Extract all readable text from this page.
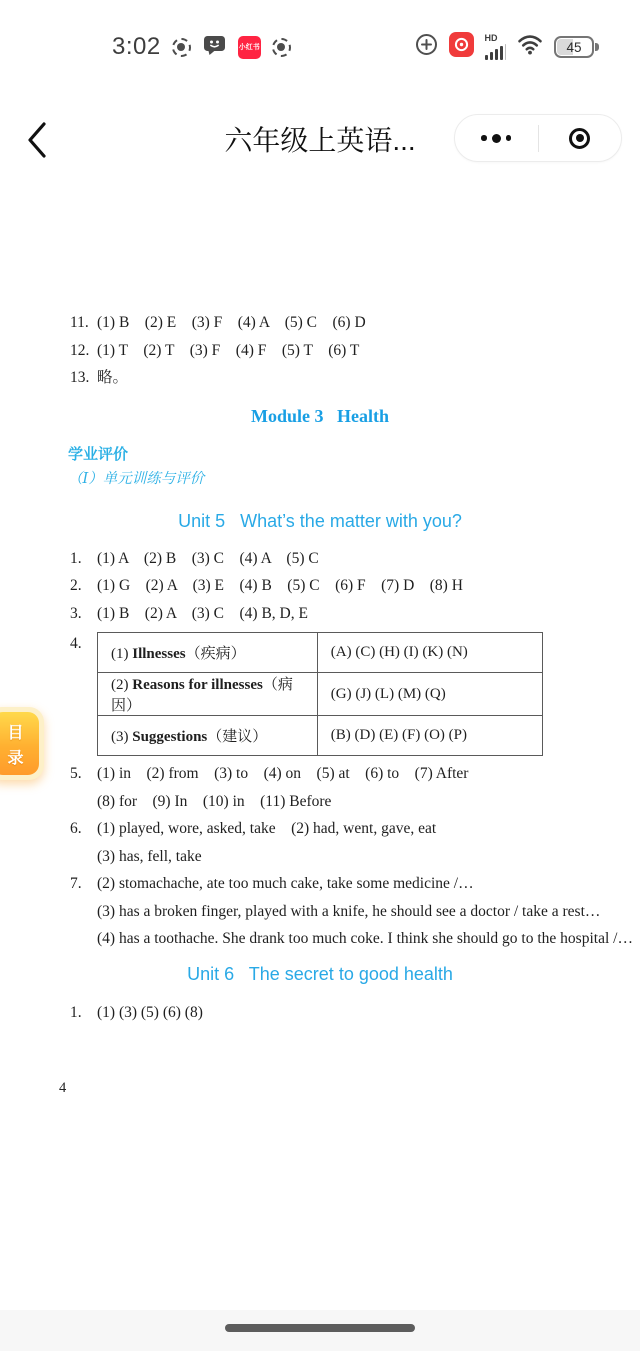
3:02	小红书
HD
45
六年级上英语...
11. (1) B    (2) E    (3) F    (4) A    (5) C    (6) D
12. (1) T    (2) T    (3) F    (4) F    (5) T    (6) T
13. 略。
Module 3   Health
学业评价
（Ⅰ）单元训练与评价
Unit 5   What’s the matter with you?
1. (1) A    (2) B    (3) C    (4) A    (5) C
2. (1) G    (2) A    (3) E    (4) B    (5) C    (6) F    (7) D    (8) H
3. (1) B    (2) A    (3) C    (4) B, D, E
4.
(1) Illnesses（疾病）	(A) (C) (H) (I) (K) (N)
(2) Reasons for illnesses（病因）	(G) (J) (L) (M) (Q)
(3) Suggestions（建议）	(B) (D) (E) (F) (O) (P)
5. (1) in    (2) from    (3) to    (4) on    (5) at    (6) to    (7) After
(8) for    (9) In    (10) in    (11) Before
6. (1) played, wore, asked, take    (2) had, went, gave, eat
(3) has, fell, take
7. (2) stomachache, ate too much cake, take some medicine /…
(3) has a broken finger, played with a knife, he should see a doctor / take a rest…
(4) has a toothache. She drank too much coke. I think she should go to the hospital /…
Unit 6   The secret to good health
1. (1) (3) (5) (6) (8)
4
目
录
